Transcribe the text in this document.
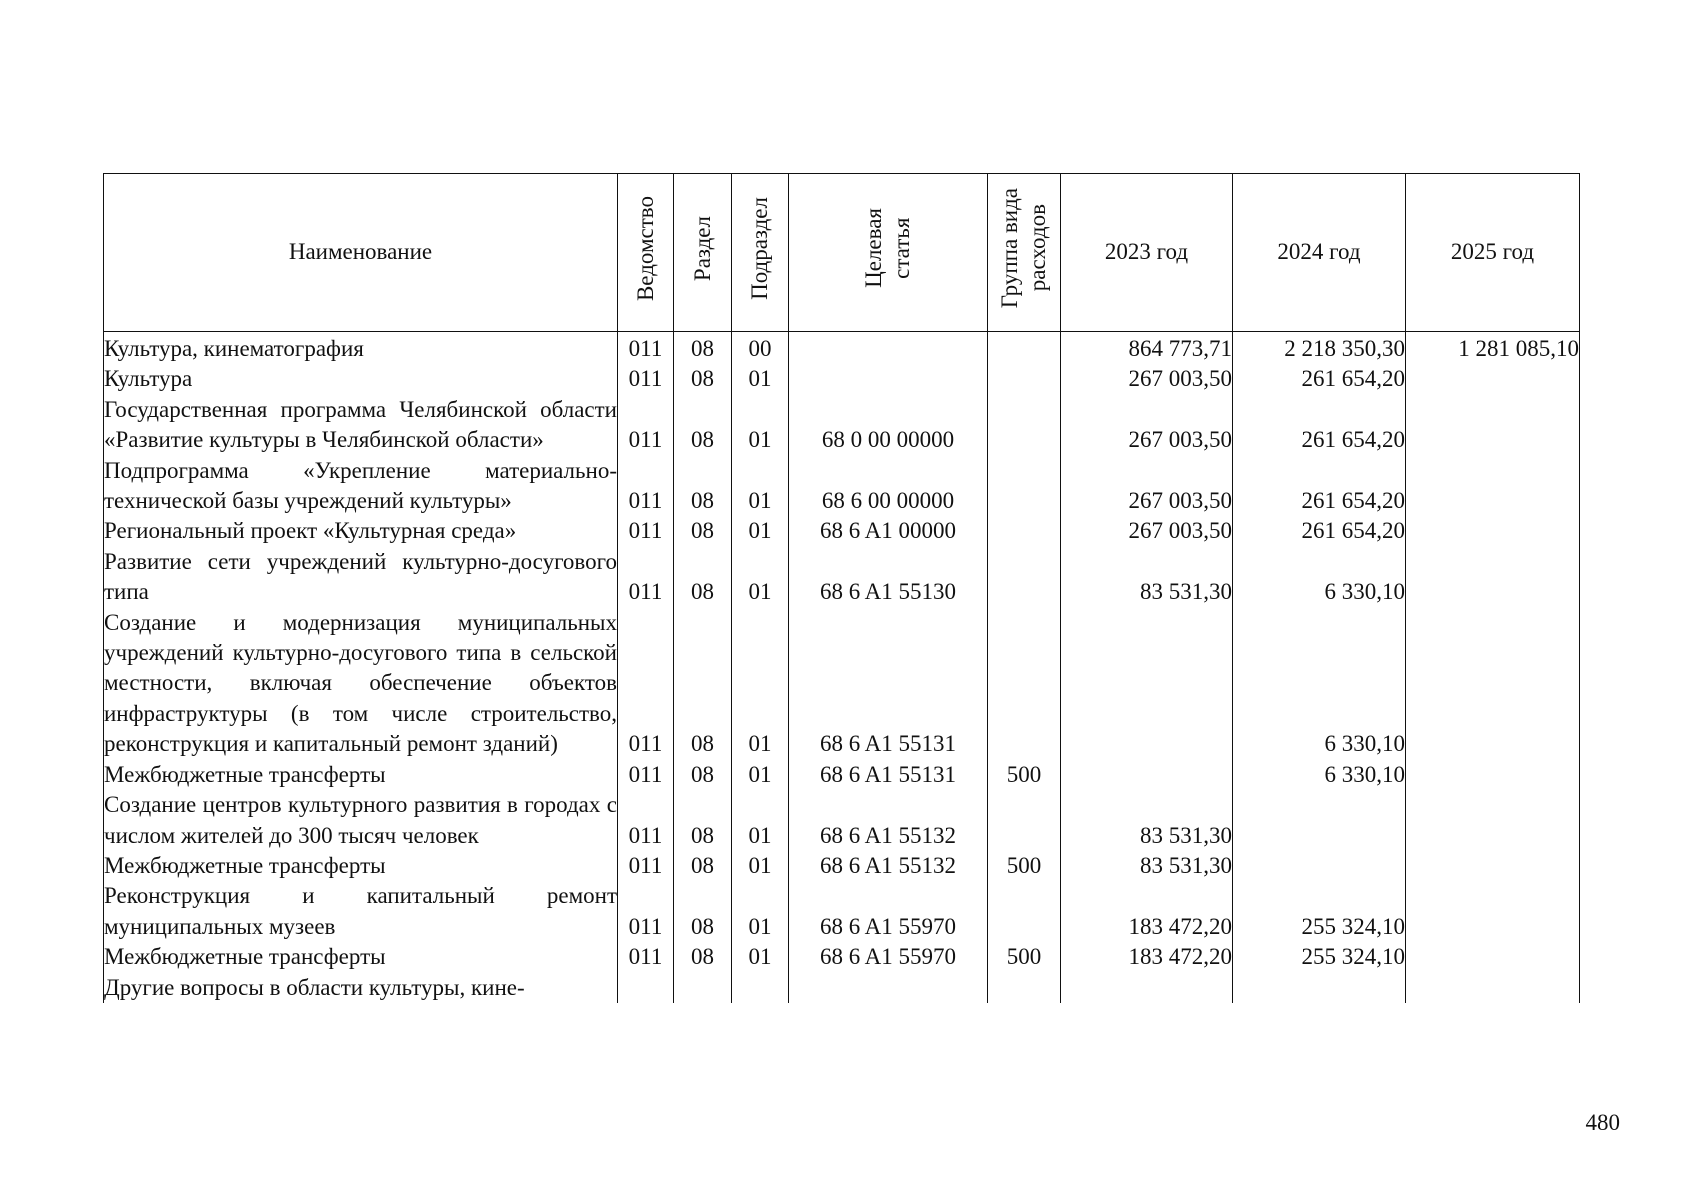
Наименование	Ведомство	Раздел	Подраздел	Целевая статья	Группа вида расходов	2023 год	2024 год	2025 год
Культура, кинематография	011	08	00			864 773,71	2 218 350,30	1 281 085,10
Культура	011	08	01			267 003,50	261 654,20	
Государственная программа Челябинской области «Развитие культуры в Челябинской области»	011	08	01	68 0 00 00000		267 003,50	261 654,20	
Подпрограмма «Укрепление материально-технической базы учреждений культуры»	011	08	01	68 6 00 00000		267 003,50	261 654,20	
Региональный проект «Культурная среда»	011	08	01	68 6 A1 00000		267 003,50	261 654,20	
Развитие сети учреждений культурно-досугового типа	011	08	01	68 6 A1 55130		83 531,30	6 330,10	
Создание и модернизация муниципальных учреждений культурно-досугового типа в сельской местности, включая обеспечение объектов инфраструктуры (в том числе строительство, реконструкция и капитальный ремонт зданий)	011	08	01	68 6 A1 55131			6 330,10	
Межбюджетные трансферты	011	08	01	68 6 A1 55131	500		6 330,10	
Создание центров культурного развития в городах с числом жителей до 300 тысяч человек	011	08	01	68 6 A1 55132		83 531,30		
Межбюджетные трансферты	011	08	01	68 6 A1 55132	500	83 531,30		
Реконструкция и капитальный ремонт муниципальных музеев	011	08	01	68 6 A1 55970		183 472,20	255 324,10	
Межбюджетные трансферты	011	08	01	68 6 A1 55970	500	183 472,20	255 324,10	
Другие вопросы в области культуры, кине-								
480
